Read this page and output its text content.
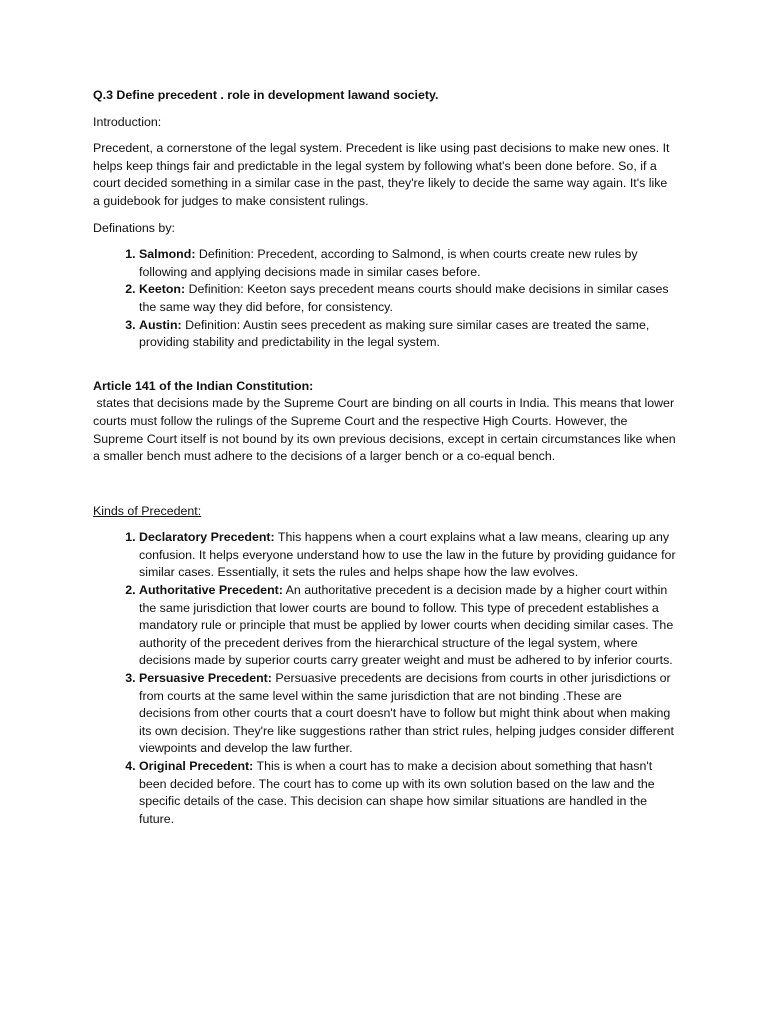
Q.3 Define precedent . role in development lawand society.

Introduction:

Precedent, a cornerstone of the legal system. Precedent is like using past decisions to make new ones. It helps keep things fair and predictable in the legal system by following what's been done before. So, if a court decided something in a similar case in the past, they're likely to decide the same way again. It's like a guidebook for judges to make consistent rulings.

Definations by:

1. Salmond: Definition: Precedent, according to Salmond, is when courts create new rules by following and applying decisions made in similar cases before.
2. Keeton: Definition: Keeton says precedent means courts should make decisions in similar cases the same way they did before, for consistency.
3. Austin: Definition: Austin sees precedent as making sure similar cases are treated the same, providing stability and predictability in the legal system.

Article 141 of the Indian Constitution:

states that decisions made by the Supreme Court are binding on all courts in India. This means that lower courts must follow the rulings of the Supreme Court and the respective High Courts. However, the Supreme Court itself is not bound by its own previous decisions, except in certain circumstances like when a smaller bench must adhere to the decisions of a larger bench or a co-equal bench.

Kinds of Precedent:

1. Declaratory Precedent: This happens when a court explains what a law means, clearing up any confusion. It helps everyone understand how to use the law in the future by providing guidance for similar cases. Essentially, it sets the rules and helps shape how the law evolves.
2. Authoritative Precedent: An authoritative precedent is a decision made by a higher court within the same jurisdiction that lower courts are bound to follow. This type of precedent establishes a mandatory rule or principle that must be applied by lower courts when deciding similar cases. The authority of the precedent derives from the hierarchical structure of the legal system, where decisions made by superior courts carry greater weight and must be adhered to by inferior courts.
3. Persuasive Precedent: Persuasive precedents are decisions from courts in other jurisdictions or from courts at the same level within the same jurisdiction that are not binding .These are decisions from other courts that a court doesn't have to follow but might think about when making its own decision. They're like suggestions rather than strict rules, helping judges consider different viewpoints and develop the law further.
4. Original Precedent: This is when a court has to make a decision about something that hasn't been decided before. The court has to come up with its own solution based on the law and the specific details of the case. This decision can shape how similar situations are handled in the future.
